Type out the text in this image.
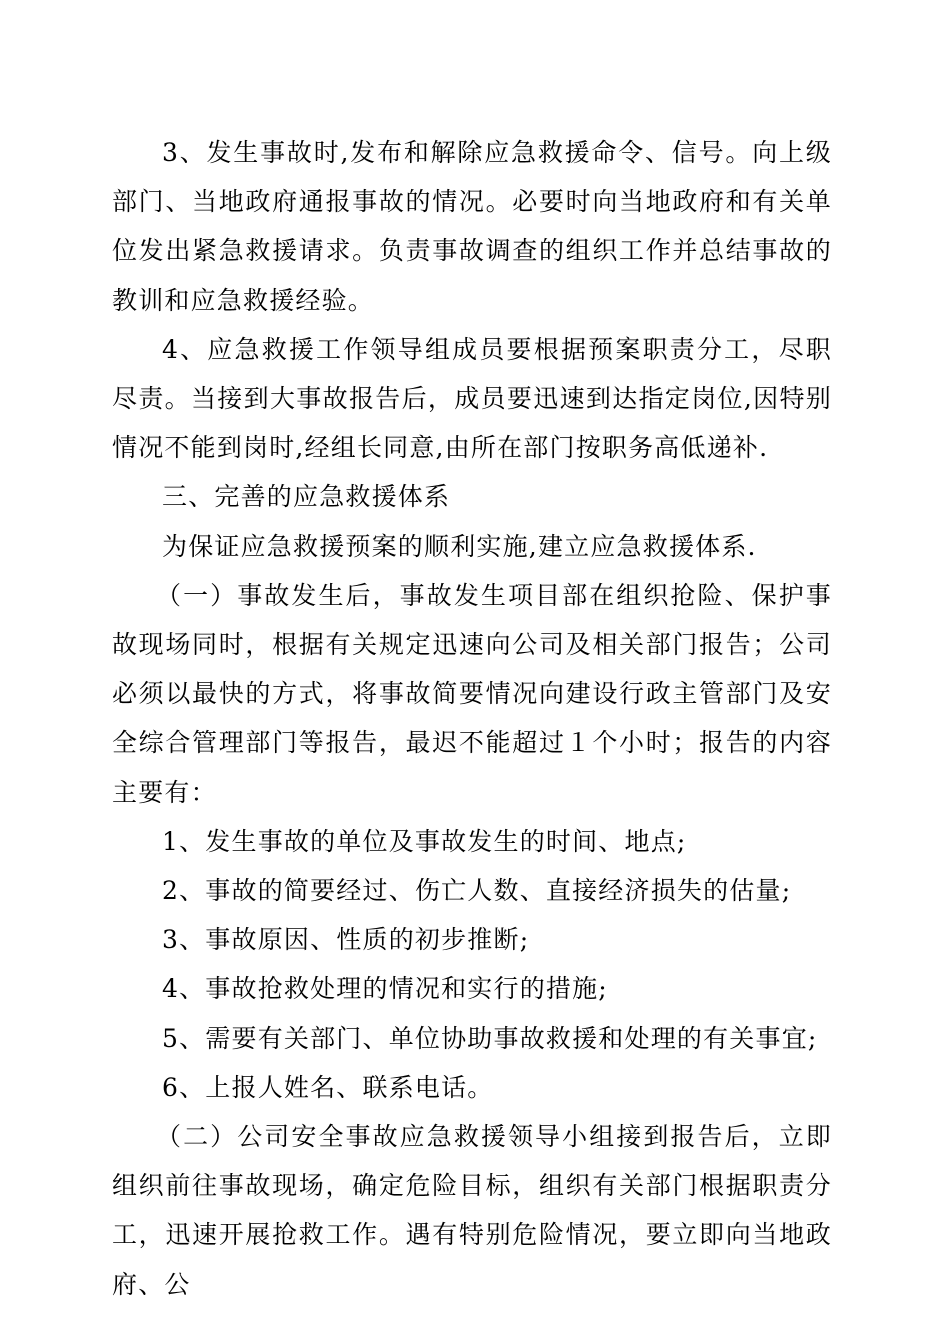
3、发生事故时,发布和解除应急救援命令、信号。向上级部门、当地政府通报事故的情况。必要时向当地政府和有关单位发出紧急救援请求。负责事故调查的组织工作并总结事故的教训和应急救援经验。

4、应急救援工作领导组成员要根据预案职责分工，尽职尽责。当接到大事故报告后，成员要迅速到达指定岗位,因特别情况不能到岗时,经组长同意,由所在部门按职务高低递补.

三、完善的应急救援体系

为保证应急救援预案的顺利实施,建立应急救援体系.

（一）事故发生后，事故发生项目部在组织抢险、保护事故现场同时，根据有关规定迅速向公司及相关部门报告；公司必须以最快的方式，将事故简要情况向建设行政主管部门及安全综合管理部门等报告，最迟不能超过１个小时；报告的内容主要有：

1、发生事故的单位及事故发生的时间、地点;

2、事故的简要经过、伤亡人数、直接经济损失的估量;

3、事故原因、性质的初步推断;

4、事故抢救处理的情况和实行的措施;

5、需要有关部门、单位协助事故救援和处理的有关事宜;

6、上报人姓名、联系电话。

（二）公司安全事故应急救援领导小组接到报告后，立即组织前往事故现场，确定危险目标，组织有关部门根据职责分工，迅速开展抢救工作。遇有特别危险情况，要立即向当地政府、公
